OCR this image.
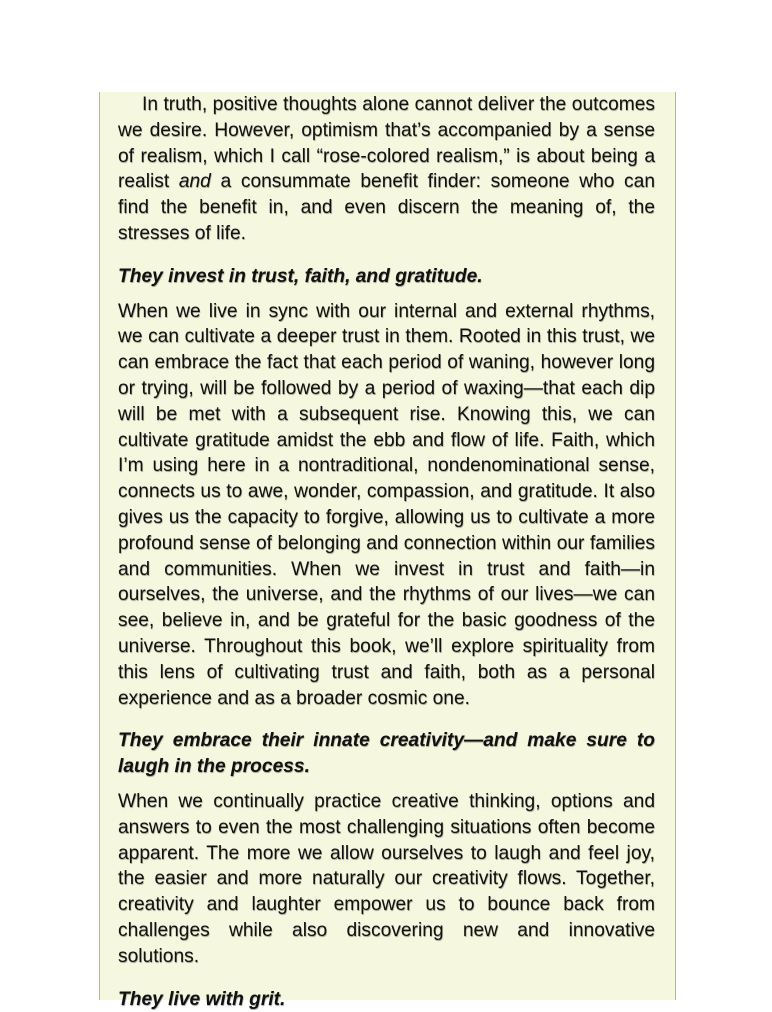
In truth, positive thoughts alone cannot deliver the outcomes we desire. However, optimism that’s accompanied by a sense of realism, which I call “rose-colored realism,” is about being a realist and a consummate benefit finder: someone who can find the benefit in, and even discern the meaning of, the stresses of life.

They invest in trust, faith, and gratitude.

When we live in sync with our internal and external rhythms, we can cultivate a deeper trust in them. Rooted in this trust, we can embrace the fact that each period of waning, however long or trying, will be followed by a period of waxing—that each dip will be met with a subsequent rise. Knowing this, we can cultivate gratitude amidst the ebb and flow of life. Faith, which I’m using here in a nontraditional, nondenominational sense, connects us to awe, wonder, compassion, and gratitude. It also gives us the capacity to forgive, allowing us to cultivate a more profound sense of belonging and connection within our families and communities. When we invest in trust and faith—in ourselves, the universe, and the rhythms of our lives—we can see, believe in, and be grateful for the basic goodness of the universe. Throughout this book, we’ll explore spirituality from this lens of cultivating trust and faith, both as a personal experience and as a broader cosmic one.

They embrace their innate creativity—and make sure to laugh in the process.

When we continually practice creative thinking, options and answers to even the most challenging situations often become apparent. The more we allow ourselves to laugh and feel joy, the easier and more naturally our creativity flows. Together, creativity and laughter empower us to bounce back from challenges while also discovering new and innovative solutions.

They live with grit.
